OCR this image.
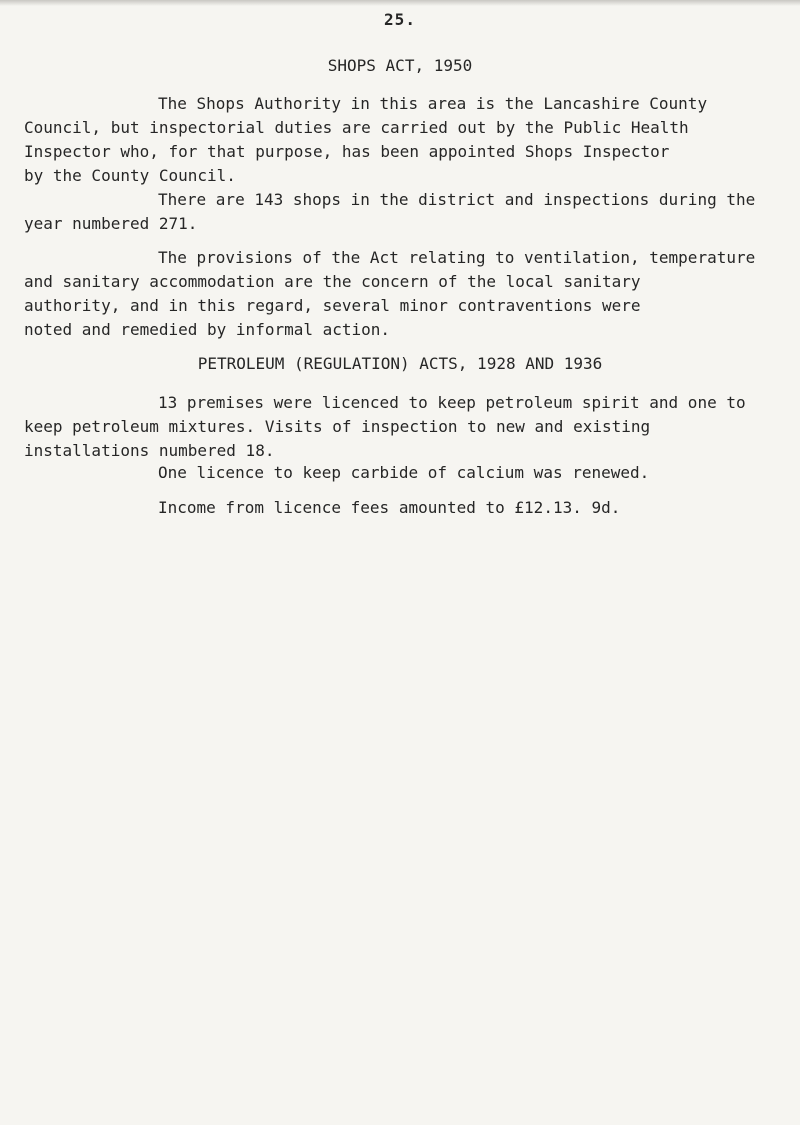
25.
SHOPS ACT, 1950

The Shops Authority in this area is the Lancashire County
Council, but inspectorial duties are carried out by the Public Health
Inspector who, for that purpose, has been appointed Shops Inspector
by the County Council.

There are 143 shops in the district and inspections during the
year numbered 271.

The provisions of the Act relating to ventilation, temperature
and sanitary accommodation are the concern of the local sanitary
authority, and in this regard, several minor contraventions were
noted and remedied by informal action.

PETROLEUM (REGULATION) ACTS, 1928 AND 1936

13 premises were licenced to keep petroleum spirit and one to
keep petroleum mixtures. Visits of inspection to new and existing
installations numbered 18.

One licence to keep carbide of calcium was renewed.
Income from licence fees amounted to £12.13. 9d.
